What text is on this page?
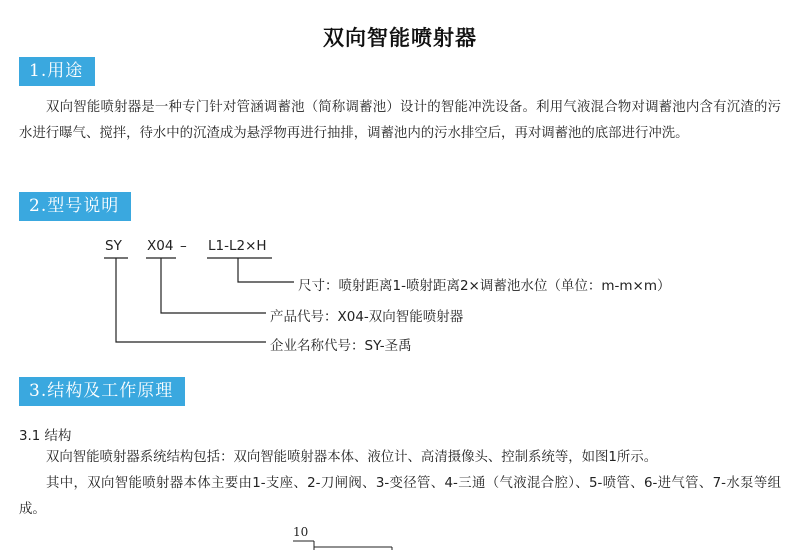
双向智能喷射器
1.用途
双向智能喷射器是一种专门针对管涵调蓄池（简称调蓄池）设计的智能冲洗设备。利用气液混合物对调蓄池内含有沉渣的污水进行曝气、搅拌，待水中的沉渣成为悬浮物再进行抽排，调蓄池内的污水排空后，再对调蓄池的底部进行冲洗。
2.型号说明
SY X04 – L1-L2×H
尺寸：喷射距离1-喷射距离2×调蓄池水位（单位：m-m×m）
产品代号：X04-双向智能喷射器
企业名称代号：SY-圣禹
3.结构及工作原理
3.1 结构
双向智能喷射器系统结构包括：双向智能喷射器本体、液位计、高清摄像头、控制系统等，如图1所示。
其中，双向智能喷射器本体主要由1-支座、2-刀闸阀、3-变径管、4-三通（气液混合腔）、5-喷管、6-进气管、7-水泵等组成。
10
